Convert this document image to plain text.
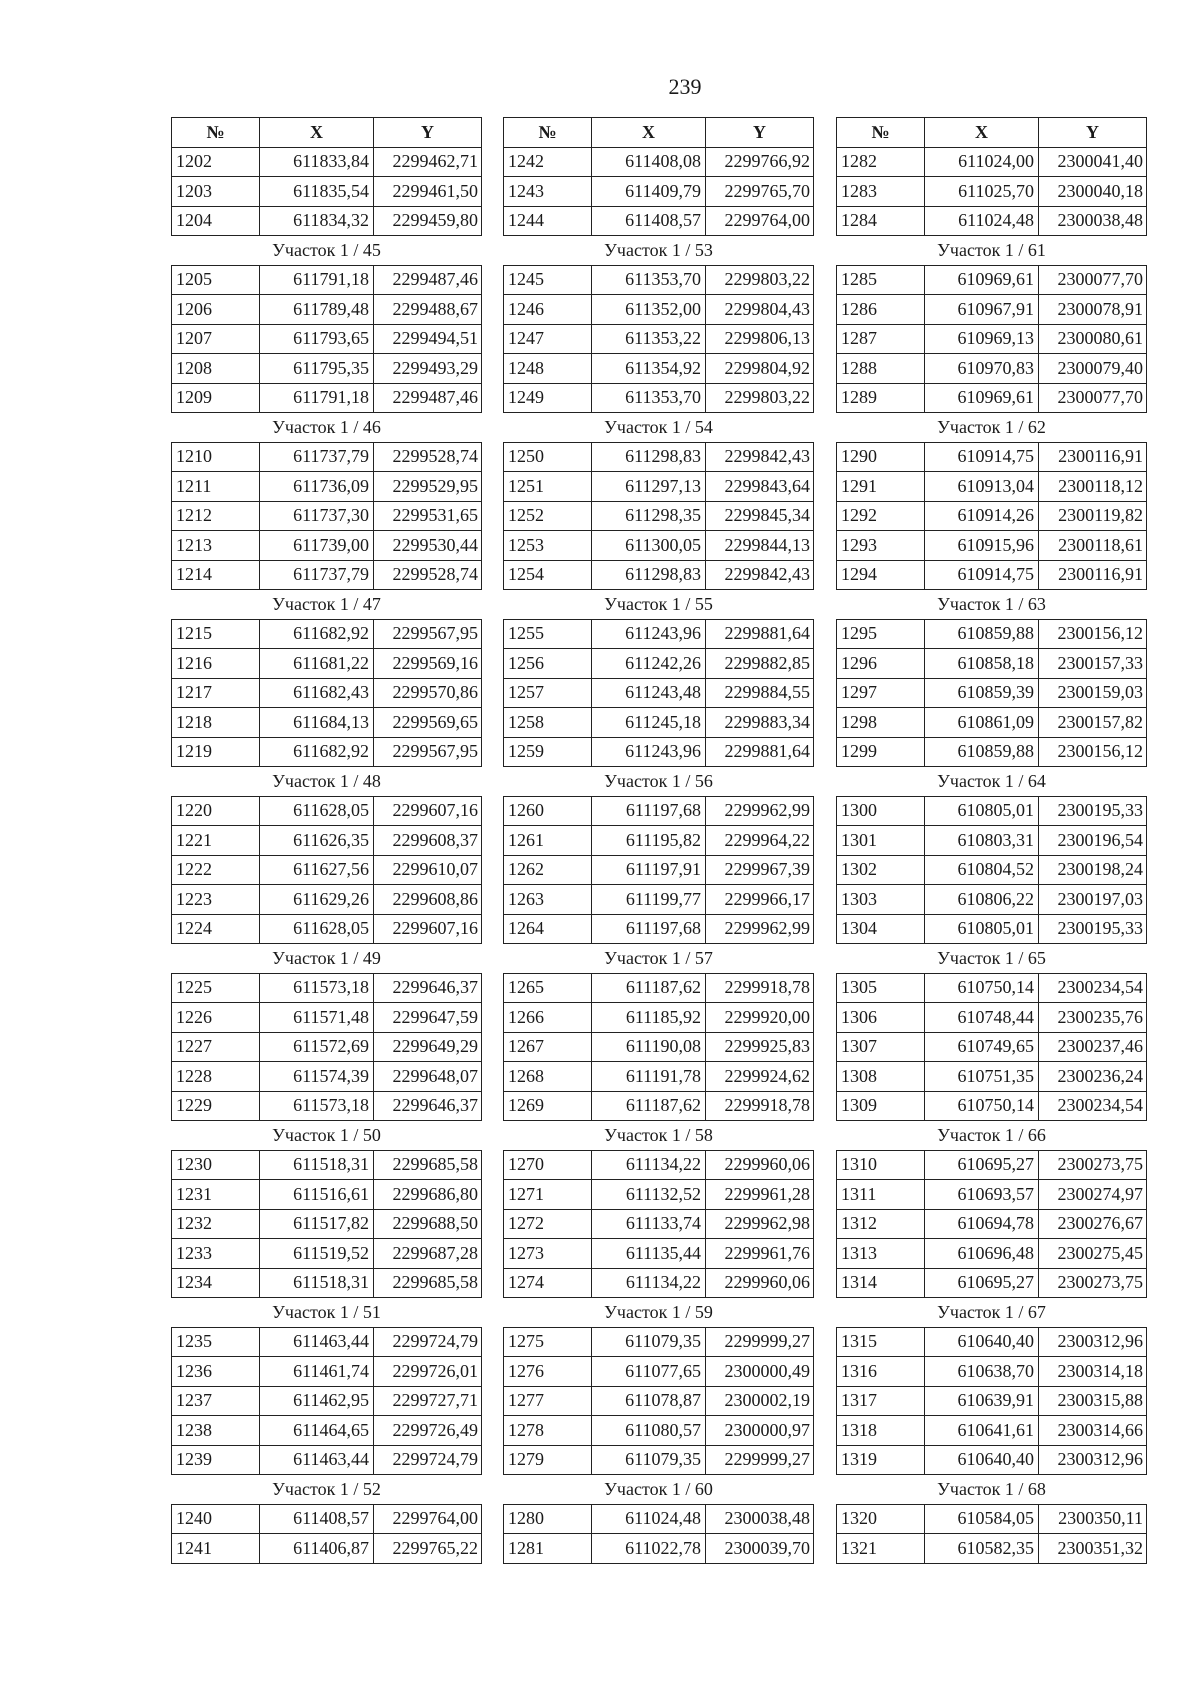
239
№	X	Y
1202	611833,84	2299462,71
1203	611835,54	2299461,50
1204	611834,32	2299459,80
Участок 1 / 45		
1205	611791,18	2299487,46
1206	611789,48	2299488,67
1207	611793,65	2299494,51
1208	611795,35	2299493,29
1209	611791,18	2299487,46
Участок 1 / 46		
1210	611737,79	2299528,74
1211	611736,09	2299529,95
1212	611737,30	2299531,65
1213	611739,00	2299530,44
1214	611737,79	2299528,74
Участок 1 / 47		
1215	611682,92	2299567,95
1216	611681,22	2299569,16
1217	611682,43	2299570,86
1218	611684,13	2299569,65
1219	611682,92	2299567,95
Участок 1 / 48		
1220	611628,05	2299607,16
1221	611626,35	2299608,37
1222	611627,56	2299610,07
1223	611629,26	2299608,86
1224	611628,05	2299607,16
Участок 1 / 49		
1225	611573,18	2299646,37
1226	611571,48	2299647,59
1227	611572,69	2299649,29
1228	611574,39	2299648,07
1229	611573,18	2299646,37
Участок 1 / 50		
1230	611518,31	2299685,58
1231	611516,61	2299686,80
1232	611517,82	2299688,50
1233	611519,52	2299687,28
1234	611518,31	2299685,58
Участок 1 / 51		
1235	611463,44	2299724,79
1236	611461,74	2299726,01
1237	611462,95	2299727,71
1238	611464,65	2299726,49
1239	611463,44	2299724,79
Участок 1 / 52		
1240	611408,57	2299764,00
1241	611406,87	2299765,22
№	X	Y
1242	611408,08	2299766,92
1243	611409,79	2299765,70
1244	611408,57	2299764,00
Участок 1 / 53		
1245	611353,70	2299803,22
1246	611352,00	2299804,43
1247	611353,22	2299806,13
1248	611354,92	2299804,92
1249	611353,70	2299803,22
Участок 1 / 54		
1250	611298,83	2299842,43
1251	611297,13	2299843,64
1252	611298,35	2299845,34
1253	611300,05	2299844,13
1254	611298,83	2299842,43
Участок 1 / 55		
1255	611243,96	2299881,64
1256	611242,26	2299882,85
1257	611243,48	2299884,55
1258	611245,18	2299883,34
1259	611243,96	2299881,64
Участок 1 / 56		
1260	611197,68	2299962,99
1261	611195,82	2299964,22
1262	611197,91	2299967,39
1263	611199,77	2299966,17
1264	611197,68	2299962,99
Участок 1 / 57		
1265	611187,62	2299918,78
1266	611185,92	2299920,00
1267	611190,08	2299925,83
1268	611191,78	2299924,62
1269	611187,62	2299918,78
Участок 1 / 58		
1270	611134,22	2299960,06
1271	611132,52	2299961,28
1272	611133,74	2299962,98
1273	611135,44	2299961,76
1274	611134,22	2299960,06
Участок 1 / 59		
1275	611079,35	2299999,27
1276	611077,65	2300000,49
1277	611078,87	2300002,19
1278	611080,57	2300000,97
1279	611079,35	2299999,27
Участок 1 / 60		
1280	611024,48	2300038,48
1281	611022,78	2300039,70
№	X	Y
1282	611024,00	2300041,40
1283	611025,70	2300040,18
1284	611024,48	2300038,48
Участок 1 / 61		
1285	610969,61	2300077,70
1286	610967,91	2300078,91
1287	610969,13	2300080,61
1288	610970,83	2300079,40
1289	610969,61	2300077,70
Участок 1 / 62		
1290	610914,75	2300116,91
1291	610913,04	2300118,12
1292	610914,26	2300119,82
1293	610915,96	2300118,61
1294	610914,75	2300116,91
Участок 1 / 63		
1295	610859,88	2300156,12
1296	610858,18	2300157,33
1297	610859,39	2300159,03
1298	610861,09	2300157,82
1299	610859,88	2300156,12
Участок 1 / 64		
1300	610805,01	2300195,33
1301	610803,31	2300196,54
1302	610804,52	2300198,24
1303	610806,22	2300197,03
1304	610805,01	2300195,33
Участок 1 / 65		
1305	610750,14	2300234,54
1306	610748,44	2300235,76
1307	610749,65	2300237,46
1308	610751,35	2300236,24
1309	610750,14	2300234,54
Участок 1 / 66		
1310	610695,27	2300273,75
1311	610693,57	2300274,97
1312	610694,78	2300276,67
1313	610696,48	2300275,45
1314	610695,27	2300273,75
Участок 1 / 67		
1315	610640,40	2300312,96
1316	610638,70	2300314,18
1317	610639,91	2300315,88
1318	610641,61	2300314,66
1319	610640,40	2300312,96
Участок 1 / 68		
1320	610584,05	2300350,11
1321	610582,35	2300351,32
